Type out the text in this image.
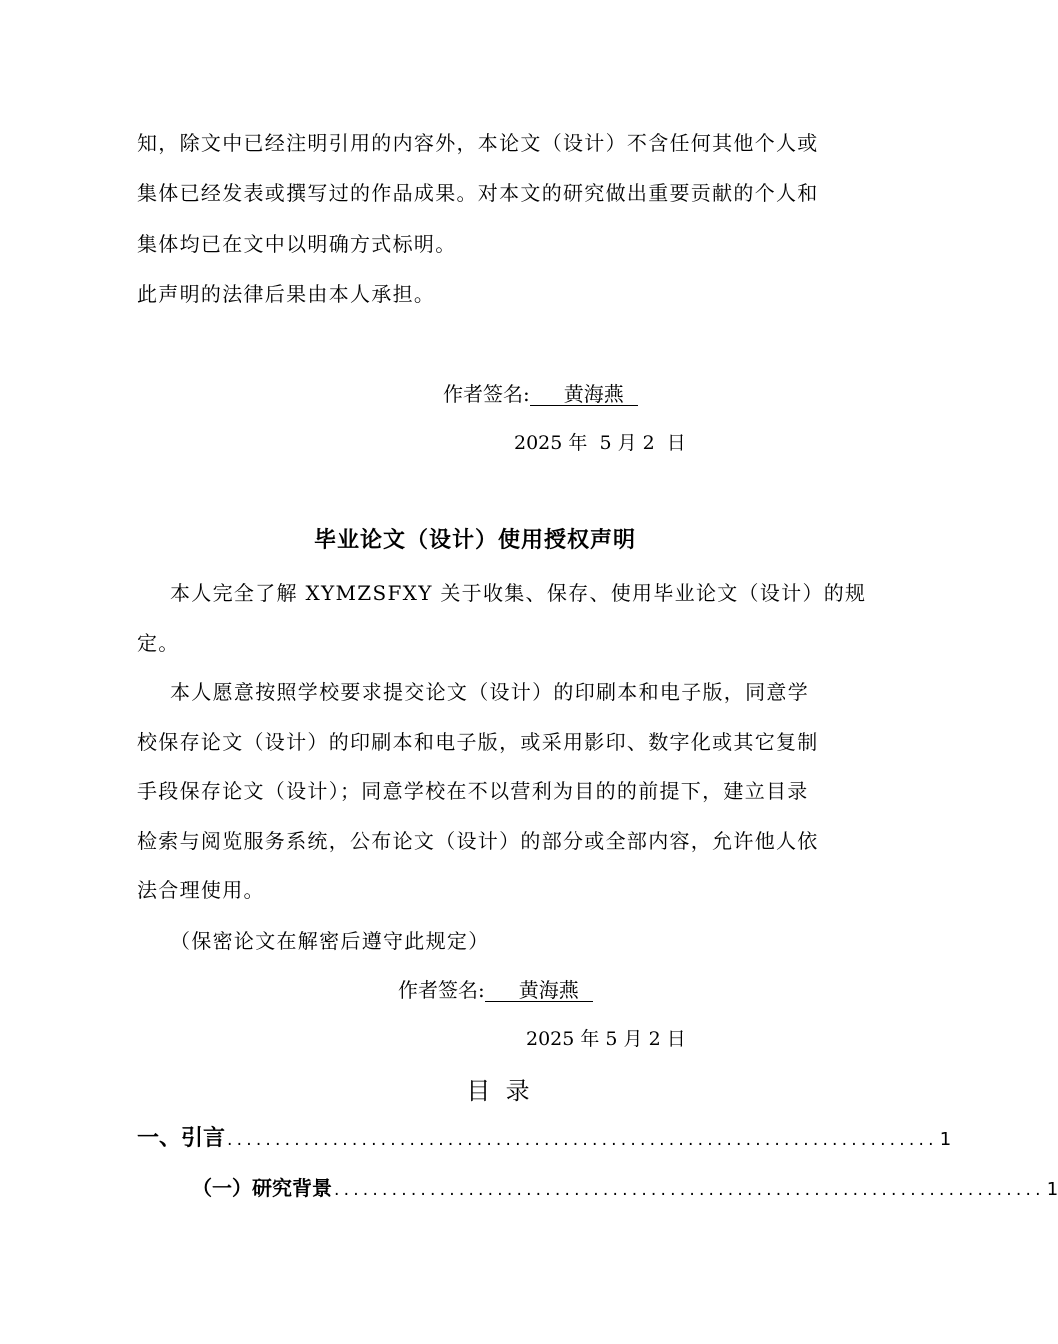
知，除文中已经注明引用的内容外，本论文（设计）不含任何其他个人或
集体已经发表或撰写过的作品成果。对本文的研究做出重要贡献的个人和
集体均已在文中以明确方式标明。
此声明的法律后果由本人承担。
作者签名: 黄海燕
2025 年  5 月 2  日
毕业论文（设计）使用授权声明
本人完全了解 XYMZSFXY 关于收集、保存、使用毕业论文（设计）的规
定。
本人愿意按照学校要求提交论文（设计）的印刷本和电子版，同意学
校保存论文（设计）的印刷本和电子版，或采用影印、数字化或其它复制
手段保存论文（设计）；同意学校在不以营利为目的的前提下，建立目录
检索与阅览服务系统，公布论文（设计）的部分或全部内容，允许他人依
法合理使用。
（保密论文在解密后遵守此规定）
作者签名: 黄海燕
2025 年 5 月 2 日
目  录
一、引言 .......................................................................... 1
（一）研究背景 .......................................................................... 1
